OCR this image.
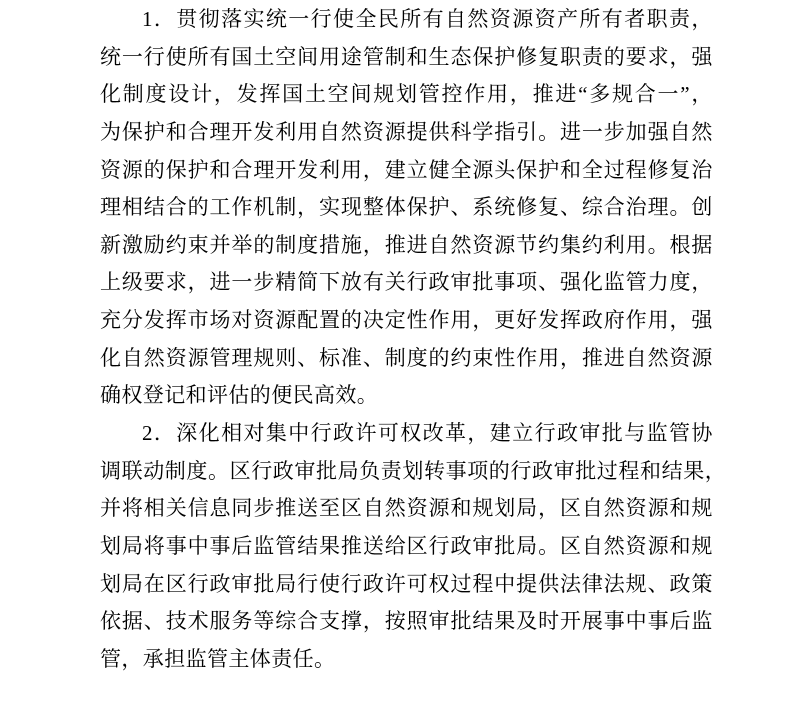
1．贯彻落实统一行使全民所有自然资源资产所有者职责，
统一行使所有国土空间用途管制和生态保护修复职责的要求，强
化制度设计，发挥国土空间规划管控作用，推进“多规合一”，
为保护和合理开发利用自然资源提供科学指引。进一步加强自然
资源的保护和合理开发利用，建立健全源头保护和全过程修复治
理相结合的工作机制，实现整体保护、系统修复、综合治理。创
新激励约束并举的制度措施，推进自然资源节约集约利用。根据
上级要求，进一步精简下放有关行政审批事项、强化监管力度，
充分发挥市场对资源配置的决定性作用，更好发挥政府作用，强
化自然资源管理规则、标准、制度的约束性作用，推进自然资源
确权登记和评估的便民高效。
2．深化相对集中行政许可权改革，建立行政审批与监管协
调联动制度。区行政审批局负责划转事项的行政审批过程和结果，
并将相关信息同步推送至区自然资源和规划局，区自然资源和规
划局将事中事后监管结果推送给区行政审批局。区自然资源和规
划局在区行政审批局行使行政许可权过程中提供法律法规、政策
依据、技术服务等综合支撑，按照审批结果及时开展事中事后监
管，承担监管主体责任。
